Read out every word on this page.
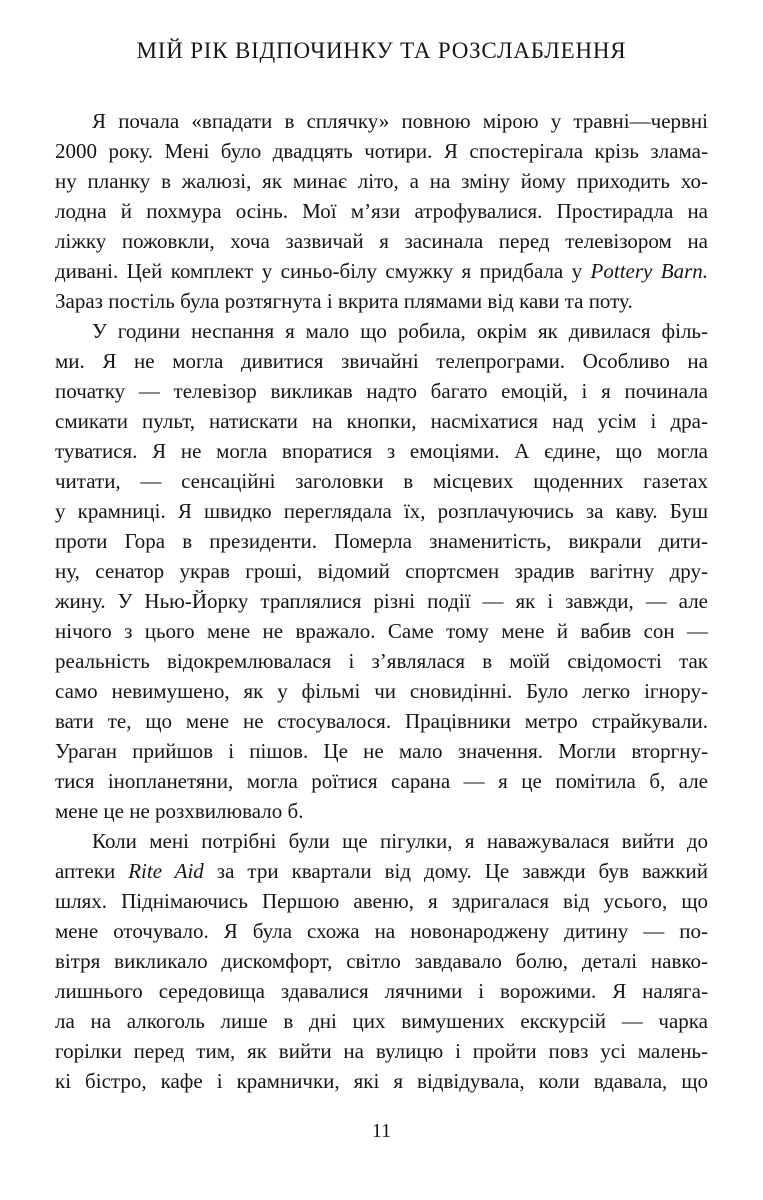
МІЙ РІК ВІДПОЧИНКУ ТА РОЗСЛАБЛЕННЯ

Я почала «впадати в сплячку» повною мірою у травні—червні
2000 року. Мені було двадцять чотири. Я спостерігала крізь злама-
ну планку в жалюзі, як минає літо, а на зміну йому приходить хо-
лодна й похмура осінь. Мої м’язи атрофувалися. Простирадла на
ліжку пожовкли, хоча зазвичай я засинала перед телевізором на
дивані. Цей комплект у синьо-білу смужку я придбала у Pottery Barn.
Зараз постіль була розтягнута і вкрита плямами від кави та поту.

У години неспання я мало що робила, окрім як дивилася філь-
ми. Я не могла дивитися звичайні телепрограми. Особливо на
початку — телевізор викликав надто багато емоцій, і я починала
смикати пульт, натискати на кнопки, насміхатися над усім і дра-
туватися. Я не могла впоратися з емоціями. А єдине, що могла
читати, — сенсаційні заголовки в місцевих щоденних газетах
у крамниці. Я швидко переглядала їх, розплачуючись за каву. Буш
проти Гора в президенти. Померла знаменитість, викрали дити-
ну, сенатор украв гроші, відомий спортсмен зрадив вагітну дру-
жину. У Нью-Йорку траплялися різні події — як і завжди, — але
нічого з цього мене не вражало. Саме тому мене й вабив сон —
реальність відокремлювалася і з’являлася в моїй свідомості так
само невимушено, як у фільмі чи сновидінні. Було легко ігнору-
вати те, що мене не стосувалося. Працівники метро страйкували.
Ураган прийшов і пішов. Це не мало значення. Могли вторгну-
тися інопланетяни, могла роїтися сарана — я це помітила б, але
мене це не розхвилювало б.

Коли мені потрібні були ще пігулки, я наважувалася вийти до
аптеки Rite Aid за три квартали від дому. Це завжди був важкий
шлях. Піднімаючись Першою авеню, я здригалася від усього, що
мене оточувало. Я була схожа на новонароджену дитину — по-
вітря викликало дискомфорт, світло завдавало болю, деталі навко-
лишнього середовища здавалися лячними і ворожими. Я наляга-
ла на алкоголь лише в дні цих вимушених екскурсій — чарка
горілки перед тим, як вийти на вулицю і пройти повз усі малень-
кі бістро, кафе і крамнички, які я відвідувала, коли вдавала, що

11
